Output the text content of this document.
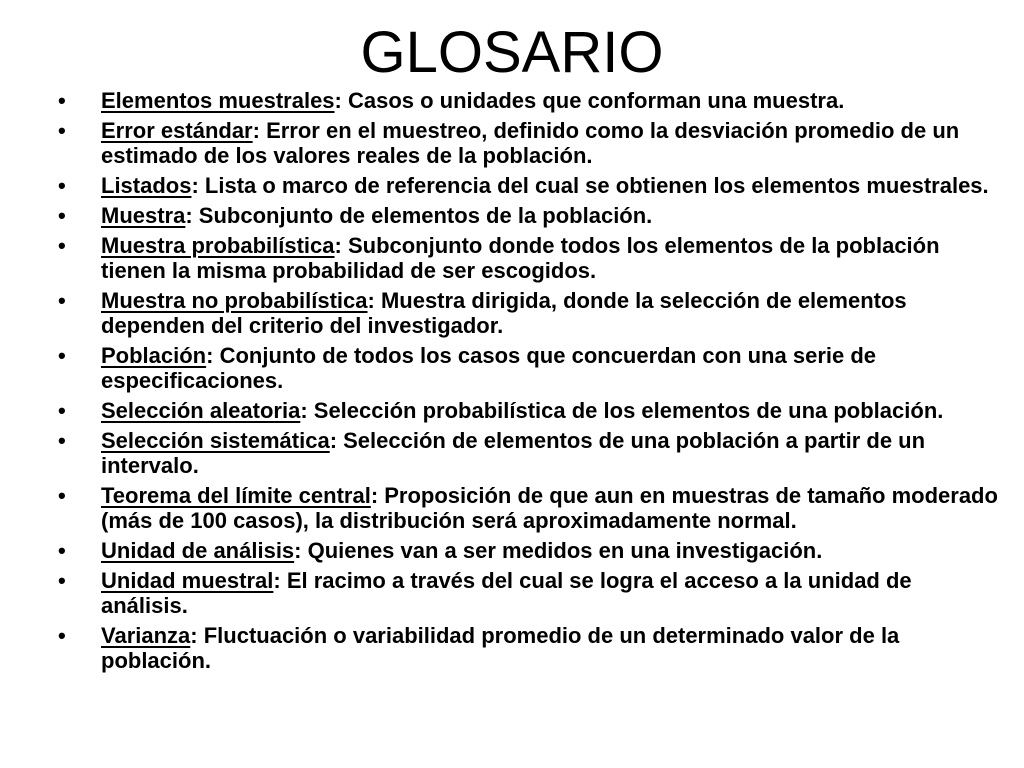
GLOSARIO
• Elementos muestrales: Casos o unidades que conforman una muestra.
• Error estándar: Error en el muestreo, definido como la desviación promedio de un estimado de los valores reales de la población.
• Listados: Lista o marco de referencia del cual se obtienen los elementos muestrales.
• Muestra: Subconjunto de elementos de la población.
• Muestra probabilística: Subconjunto donde todos los elementos de la población tienen la misma probabilidad de ser escogidos.
• Muestra no probabilística: Muestra dirigida, donde la selección de elementos dependen del criterio del investigador.
• Población: Conjunto de todos los casos que concuerdan con una serie de especificaciones.
• Selección aleatoria: Selección probabilística de los elementos de una población.
• Selección sistemática: Selección de elementos de una población a partir de un intervalo.
• Teorema del límite central: Proposición de que aun en muestras de tamaño moderado (más de 100 casos), la distribución será aproximadamente normal.
• Unidad de análisis: Quienes van a ser medidos en una investigación.
• Unidad muestral: El racimo a través del cual se logra el acceso a la unidad de análisis.
• Varianza: Fluctuación o variabilidad promedio de un determinado valor de la población.
